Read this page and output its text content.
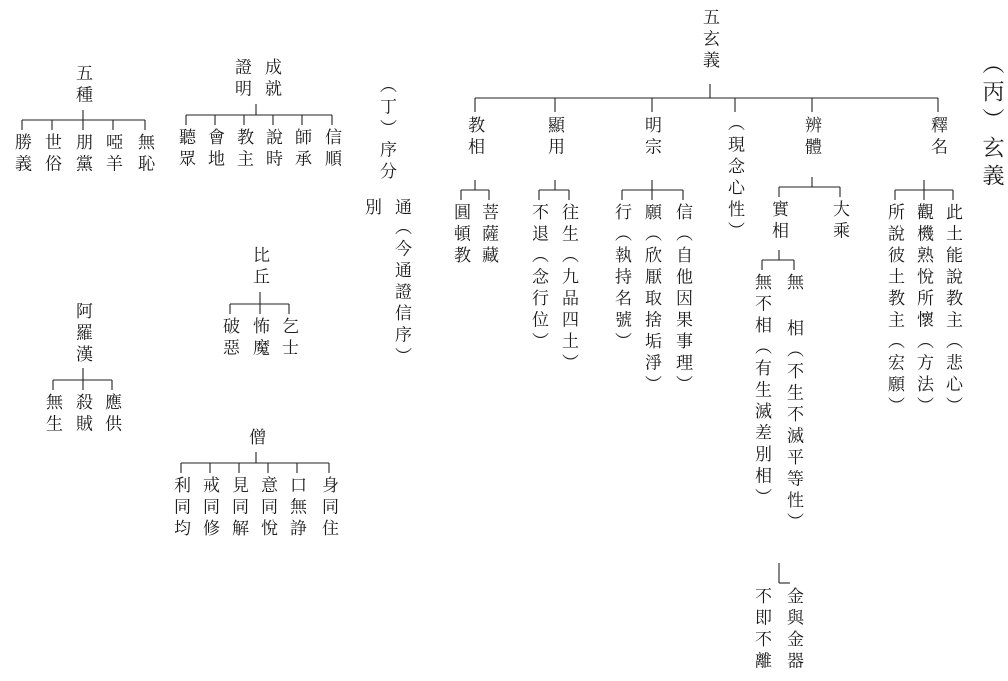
（丙）玄義
五玄義
釋名
此土能說教主（悲心）
觀機熟悅所懷（方法）
所說彼土教主（宏願）
辨體
大乘
實相
無 相（不生不滅平等性）
無不相（有生滅差別相）
金與金器
不即不離
（現念心性）
明宗
信（自他因果事理）
願（欣厭取捨垢淨）
行（執持名號）
顯用
往生（九品四土）
不退（念行位）
教相
菩薩藏
圓頓教
（丁）序分
通
（今通證信序）
別
成就
證明
信順
師承
說時
教主
會地
聽眾
比丘
乞士
怖魔
破惡
僧
身同住
口無諍
意同悅
見同解
戒同修
利同均
五種
無恥
啞羊
朋黨
世俗
勝義
阿羅漢
應供
殺賊
無生
